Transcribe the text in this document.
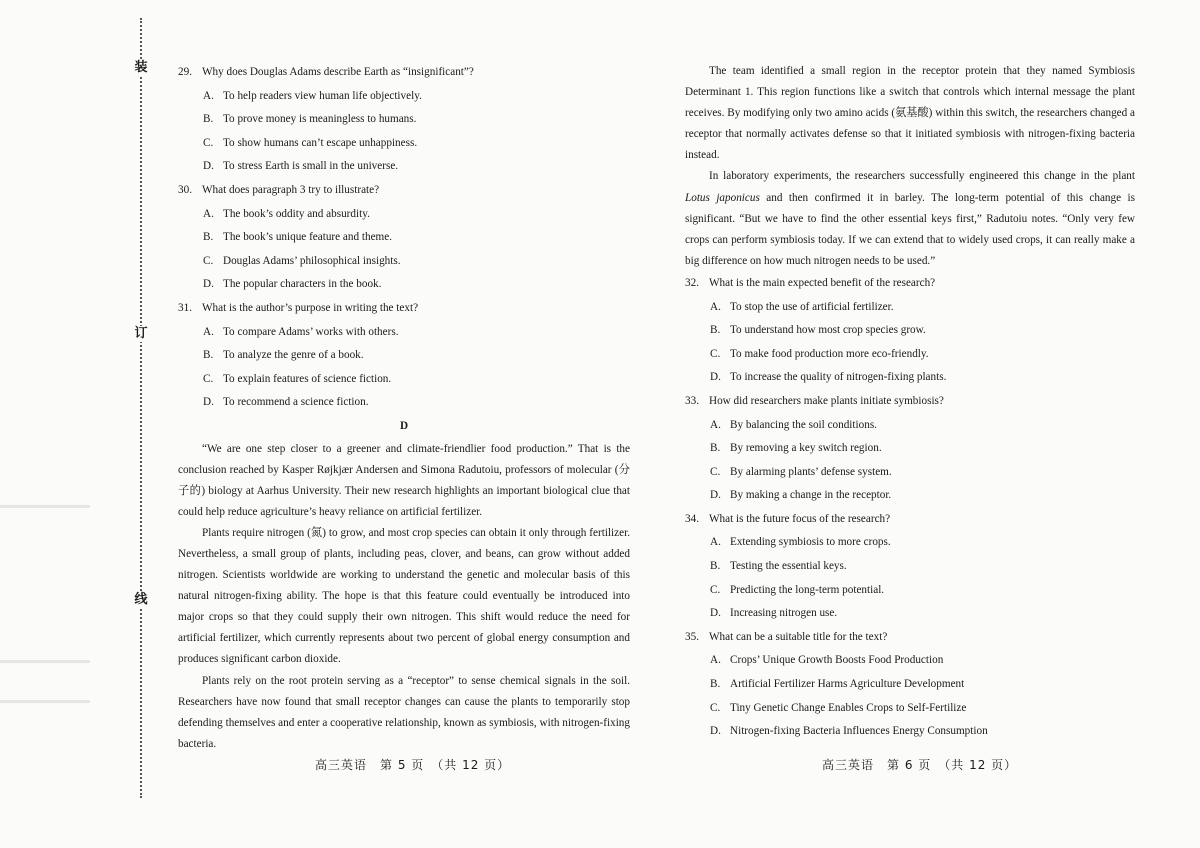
装
订
线

29. Why does Douglas Adams describe Earth as “insignificant”?

A. To help readers view human life objectively.

B. To prove money is meaningless to humans.

C. To show humans can’t escape unhappiness.

D. To stress Earth is small in the universe.

30. What does paragraph 3 try to illustrate?

A. The book’s oddity and absurdity.

B. The book’s unique feature and theme.

C. Douglas Adams’ philosophical insights.

D. The popular characters in the book.

31. What is the author’s purpose in writing the text?

A. To compare Adams’ works with others.

B. To analyze the genre of a book.

C. To explain features of science fiction.

D. To recommend a science fiction.

D

“We are one step closer to a greener and climate-friendlier food production.” That is the conclusion reached by Kasper Røjkjær Andersen and Simona Radutoiu, professors of molecular (分子的) biology at Aarhus University. Their new research highlights an important biological clue that could help reduce agriculture’s heavy reliance on artificial fertilizer.

Plants require nitrogen (氮) to grow, and most crop species can obtain it only through fertilizer. Nevertheless, a small group of plants, including peas, clover, and beans, can grow without added nitrogen. Scientists worldwide are working to understand the genetic and molecular basis of this natural nitrogen-fixing ability. The hope is that this feature could eventually be introduced into major crops so that they could supply their own nitrogen. This shift would reduce the need for artificial fertilizer, which currently represents about two percent of global energy consumption and produces significant carbon dioxide.

Plants rely on the root protein serving as a “receptor” to sense chemical signals in the soil. Researchers have now found that small receptor changes can cause the plants to temporarily stop defending themselves and enter a cooperative relationship, known as symbiosis, with nitrogen-fixing bacteria.

高三英语　第 5 页　（共 12 页）

The team identified a small region in the receptor protein that they named Symbiosis Determinant 1. This region functions like a switch that controls which internal message the plant receives. By modifying only two amino acids (氨基酸) within this switch, the researchers changed a receptor that normally activates defense so that it initiated symbiosis with nitrogen-fixing bacteria instead.

In laboratory experiments, the researchers successfully engineered this change in the plant Lotus japonicus and then confirmed it in barley. The long-term potential of this change is significant. “But we have to find the other essential keys first,” Radutoiu notes. “Only very few crops can perform symbiosis today. If we can extend that to widely used crops, it can really make a big difference on how much nitrogen needs to be used.”

32. What is the main expected benefit of the research?

A. To stop the use of artificial fertilizer.

B. To understand how most crop species grow.

C. To make food production more eco-friendly.

D. To increase the quality of nitrogen-fixing plants.

33. How did researchers make plants initiate symbiosis?

A. By balancing the soil conditions.

B. By removing a key switch region.

C. By alarming plants’ defense system.

D. By making a change in the receptor.

34. What is the future focus of the research?

A. Extending symbiosis to more crops.

B. Testing the essential keys.

C. Predicting the long-term potential.

D. Increasing nitrogen use.

35. What can be a suitable title for the text?

A. Crops’ Unique Growth Boosts Food Production

B. Artificial Fertilizer Harms Agriculture Development

C. Tiny Genetic Change Enables Crops to Self-Fertilize

D. Nitrogen-fixing Bacteria Influences Energy Consumption

高三英语　第 6 页　（共 12 页）
